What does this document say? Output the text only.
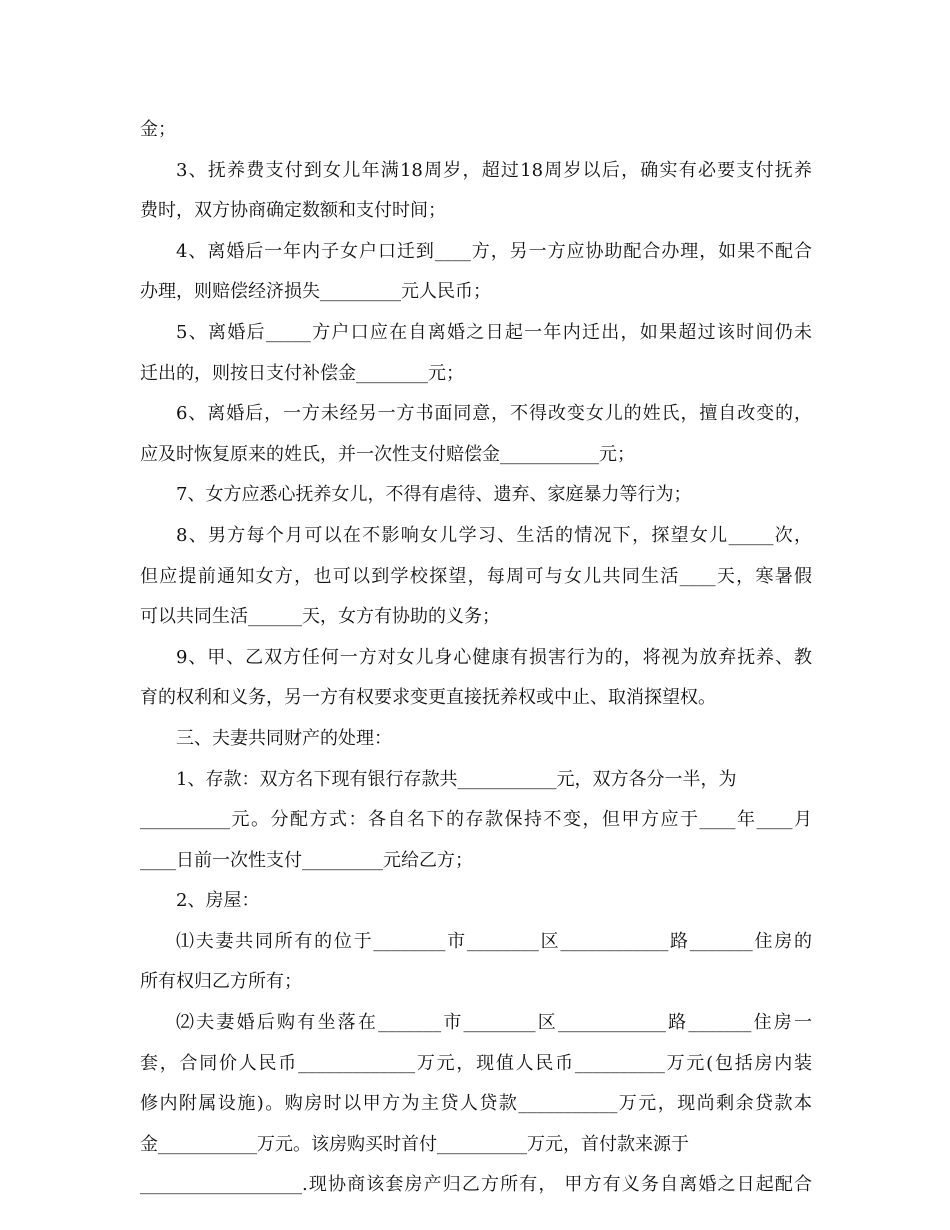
金；
3、抚养费支付到女儿年满18周岁，超过18周岁以后，确实有必要支付抚养
费时，双方协商确定数额和支付时间；
4、离婚后一年内子女户口迁到____方，另一方应协助配合办理，如果不配合
办理，则赔偿经济损失_________元人民币；
5、离婚后_____方户口应在自离婚之日起一年内迁出，如果超过该时间仍未
迁出的，则按日支付补偿金________元；
6、离婚后，一方未经另一方书面同意，不得改变女儿的姓氏，擅自改变的，
应及时恢复原来的姓氏，并一次性支付赔偿金___________元；
7、女方应悉心抚养女儿，不得有虐待、遗弃、家庭暴力等行为；
8、男方每个月可以在不影响女儿学习、生活的情况下，探望女儿_____次，
但应提前通知女方，也可以到学校探望，每周可与女儿共同生活____天，寒暑假
可以共同生活______天，女方有协助的义务；
9、甲、乙双方任何一方对女儿身心健康有损害行为的，将视为放弃抚养、教
育的权利和义务，另一方有权要求变更直接抚养权或中止、取消探望权。
三、夫妻共同财产的处理：
1、存款：双方名下现有银行存款共___________元，双方各分一半，为
__________元。分配方式：各自名下的存款保持不变，但甲方应于____年____月
____日前一次性支付_________元给乙方；
2、房屋：
⑴夫妻共同所有的位于________市________区____________路_______住房的
所有权归乙方所有；
⑵夫妻婚后购有坐落在_______市________区____________路_______住房一
套，合同价人民币_____________万元，现值人民币__________万元(包括房内装
修内附属设施)。购房时以甲方为主贷人贷款___________万元，现尚剩余贷款本
金___________万元。该房购买时首付__________万元，首付款来源于
__________________.现协商该套房产归乙方所有， 甲方有义务自离婚之日起配合
